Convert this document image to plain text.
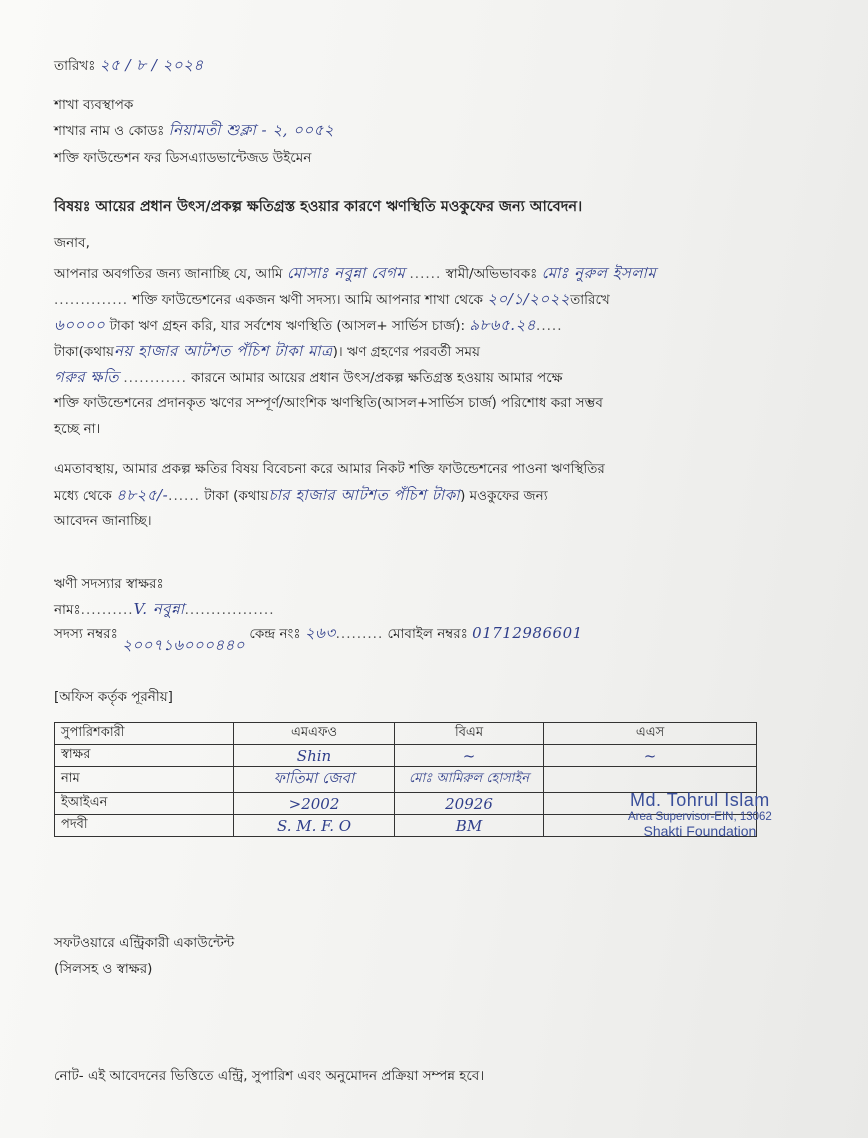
তারিখঃ ২৫ / ৮ / ২০২৪
শাখা ব্যবস্থাপক
শাখার নাম ও কোডঃ নিয়ামতী শুক্লা - ২, ০০৫২
শক্তি ফাউন্ডেশন ফর ডিসএ্যাডভান্টেজড উইমেন
বিষয়ঃ আয়ের প্রধান উৎস/প্রকল্প ক্ষতিগ্রস্ত হওয়ার কারণে ঋণস্থিতি মওকুফের জন্য আবেদন।
জনাব,
আপনার অবগতির জন্য জানাচ্ছি যে, আমি মোসাঃ নবুন্না বেগম ...... স্বামী/অভিভাবকঃ মোঃ নুরুল ইসলাম
.............. শক্তি ফাউন্ডেশনের একজন ঋণী সদস্য। আমি আপনার শাখা থেকে ২০/১/২০২২তারিখে
৬০০০০ টাকা ঋণ গ্রহন করি, যার সর্বশেষ ঋণস্থিতি (আসল+ সার্ভিস চার্জ): ৯৮৬৫.২৪.....
টাকা(কথায়নয় হাজার আটশত পঁচিশ টাকা মাত্র)। ঋণ গ্রহণের পরবর্তী সময়
গরুর ক্ষতি ............ কারনে আমার আয়ের প্রধান উৎস/প্রকল্প ক্ষতিগ্রস্ত হওয়ায় আমার পক্ষে
শক্তি ফাউন্ডেশনের প্রদানকৃত ঋণের সম্পূর্ণ/আংশিক ঋণস্থিতি(আসল+সার্ভিস চার্জ) পরিশোধ করা সম্ভব
হচ্ছে না।
এমতাবস্থায়, আমার প্রকল্প ক্ষতির বিষয় বিবেচনা করে আমার নিকট শক্তি ফাউন্ডেশনের পাওনা ঋণস্থিতির
মধ্যে থেকে ৪৮২৫/-...... টাকা (কথায়চার হাজার আটশত পঁচিশ টাকা) মওকুফের জন্য
আবেদন জানাচ্ছি।
ঋণী সদস্যার স্বাক্ষরঃ
নামঃ..........V. নবুন্না.................
সদস্য নম্বরঃ ২০০৭১৬০০০৪৪০ কেন্দ্র নংঃ ২৬৩......... মোবাইল নম্বরঃ 01712986601
[অফিস কর্তৃক পূরনীয়]
সুপারিশকারী	এমএফও	বিএম	এএস
স্বাক্ষর	Shin	~	~
নাম	ফাতিমা জেবা	মোঃ আমিরুল হোসাইন	
ইআইএন	>2002	20926	
পদবী	S. M. F. O	BM	
Md. Tohrul Islam
Area Supervisor-EIN, 13062
Shakti Foundation
সফটওয়ারে এন্ট্রিকারী একাউন্টেন্ট
(সিলসহ ও স্বাক্ষর)
নোট- এই আবেদনের ভিত্তিতে এন্ট্রি, সুপারিশ এবং অনুমোদন প্রক্রিয়া সম্পন্ন হবে।
